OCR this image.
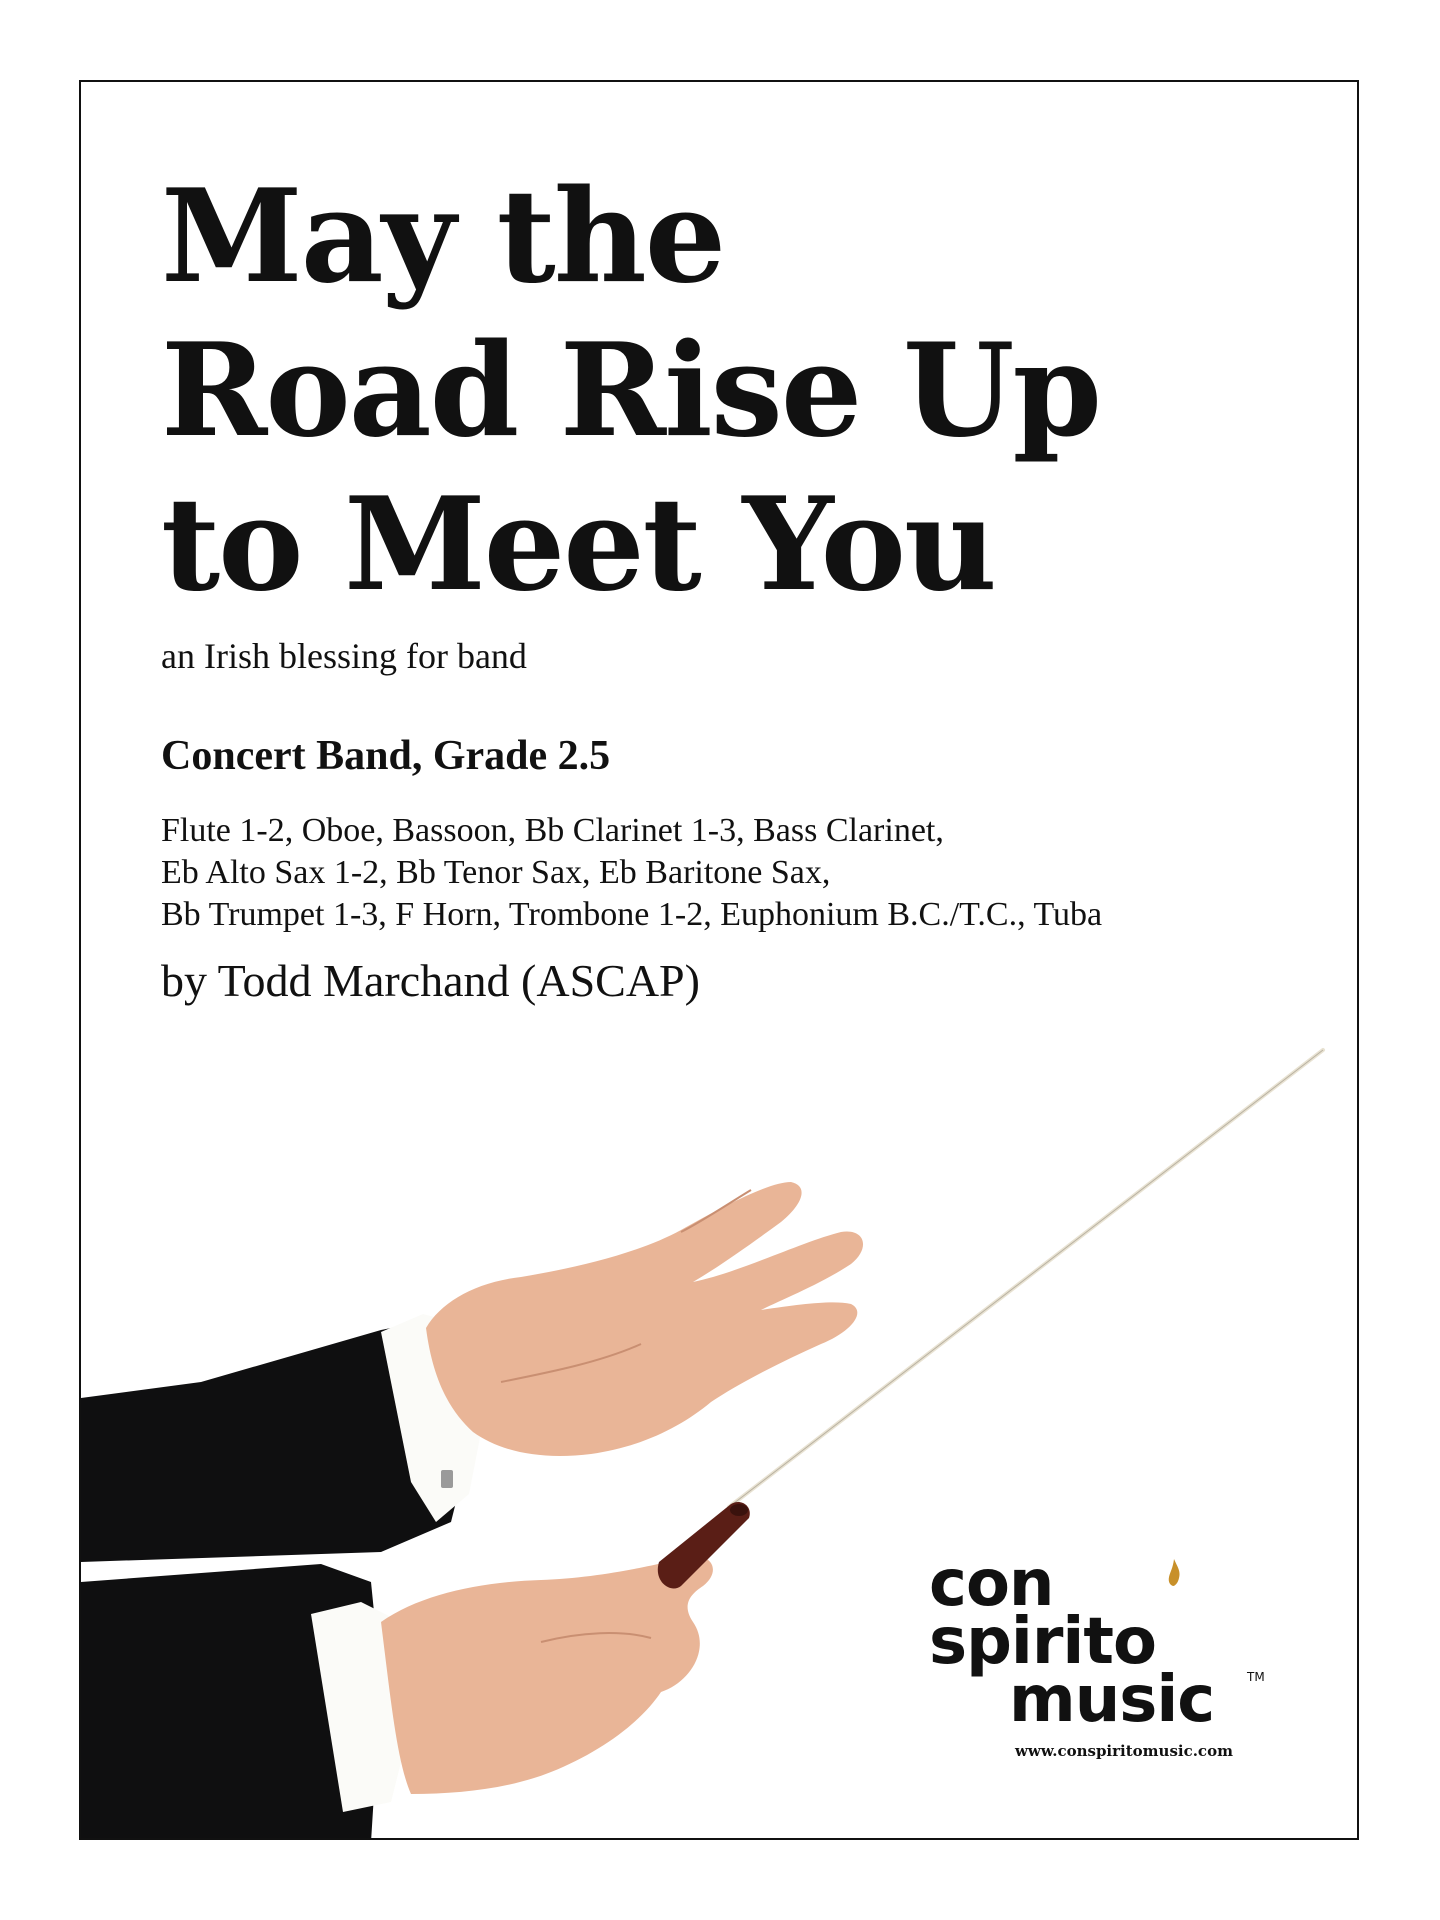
May the
Road Rise Up
to Meet You
an Irish blessing for band
Concert Band, Grade 2.5
Flute 1-2, Oboe, Bassoon, Bb Clarinet 1-3, Bass Clarinet,
Eb Alto Sax 1-2, Bb Tenor Sax, Eb Baritone Sax,
Bb Trumpet 1-3, F Horn, Trombone 1-2, Euphonium B.C./T.C., Tuba
by Todd Marchand (ASCAP)
con
spirito
music	TM
www.conspiritomusic.com
